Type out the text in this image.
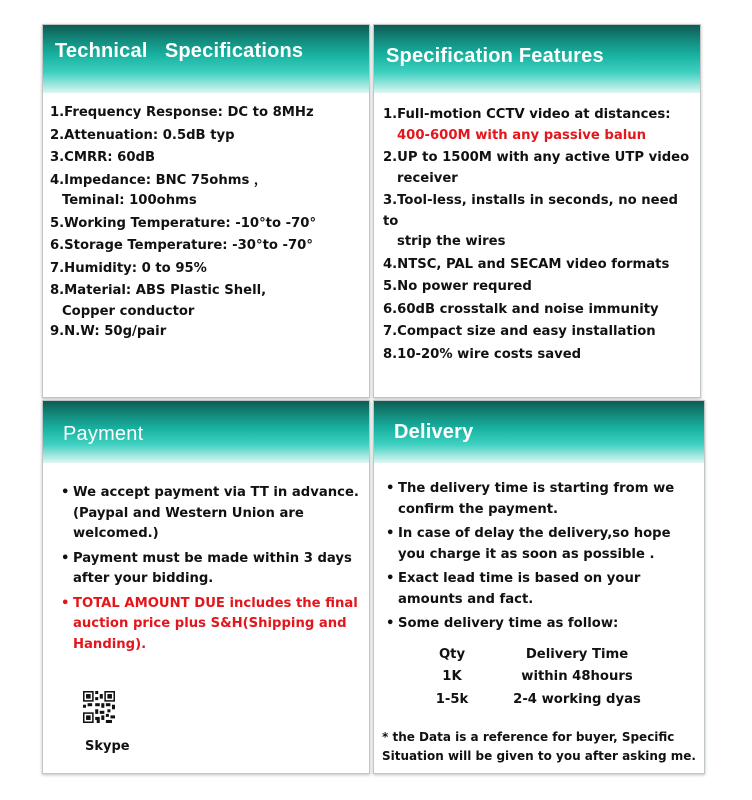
Technical   Specifications
1.Frequency Response: DC to 8MHz
2.Attenuation: 0.5dB typ
3.CMRR: 60dB
4.Impedance: BNC 75ohms ，
Teminal: 100ohms
5.Working Temperature: -10°to -70°
6.Storage Temperature: -30°to -70°
7.Humidity: 0 to 95%
8.Material: ABS Plastic Shell,
Copper conductor
9.N.W: 50g/pair
Specification Features
1.Full-motion CCTV video at distances:
400-600M with any passive balun
2.UP to 1500M with any active UTP video
receiver
3.Tool-less, installs in seconds, no need to
strip the wires
4.NTSC, PAL and SECAM video formats
5.No power requred
6.60dB crosstalk and noise immunity
7.Compact size and easy installation
8.10-20% wire costs saved
Payment
• We accept payment via TT in advance. (Paypal and Western Union are welcomed.)
• Payment must be made within 3 days after your bidding.
• TOTAL AMOUNT DUE includes the final auction price plus S&H(Shipping and Handing).
Skype
Delivery
• The delivery time is starting from we confirm the payment.
• In case of delay the delivery,so hope you charge it as soon as possible .
• Exact lead time is based on your amounts and fact.
• Some delivery time as follow:
Qty	Delivery Time
1K	within 48hours
1-5k	2-4 working dyas
* the Data is a reference for buyer, Specific Situation will be given to you after asking me.
